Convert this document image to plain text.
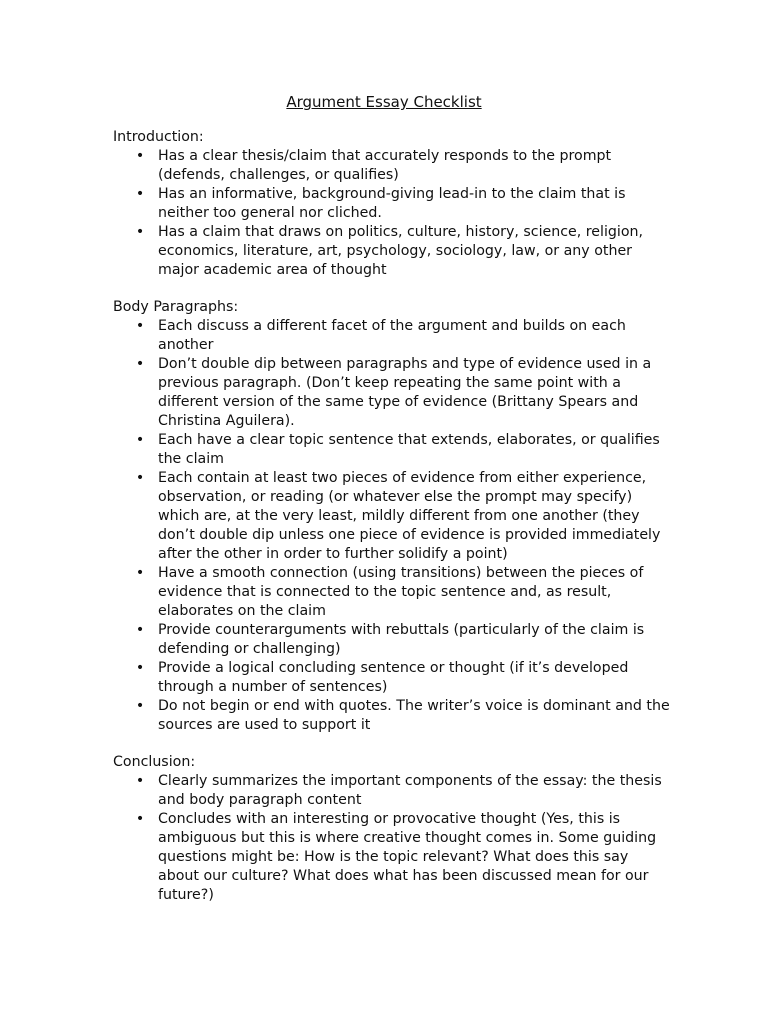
Argument Essay Checklist
Introduction:
• Has a clear thesis/claim that accurately responds to the prompt (defends, challenges, or qualifies)
• Has an informative, background-giving lead-in to the claim that is neither too general nor cliched.
• Has a claim that draws on politics, culture, history, science, religion, economics, literature, art, psychology, sociology, law, or any other major academic area of thought
Body Paragraphs:
• Each discuss a different facet of the argument and builds on each another
• Don’t double dip between paragraphs and type of evidence used in a previous paragraph. (Don’t keep repeating the same point with a different version of the same type of evidence (Brittany Spears and Christina Aguilera).
• Each have a clear topic sentence that extends, elaborates, or qualifies the claim
• Each contain at least two pieces of evidence from either experience, observation, or reading (or whatever else the prompt may specify) which are, at the very least, mildly different from one another (they don’t double dip unless one piece of evidence is provided immediately after the other in order to further solidify a point)
• Have a smooth connection (using transitions) between the pieces of evidence that is connected to the topic sentence and, as result, elaborates on the claim
• Provide counterarguments with rebuttals (particularly of the claim is defending or challenging)
• Provide a logical concluding sentence or thought (if it’s developed through a number of sentences)
• Do not begin or end with quotes. The writer’s voice is dominant and the sources are used to support it
Conclusion:
• Clearly summarizes the important components of the essay: the thesis and body paragraph content
• Concludes with an interesting or provocative thought (Yes, this is ambiguous but this is where creative thought comes in. Some guiding questions might be: How is the topic relevant? What does this say about our culture? What does what has been discussed mean for our future?)
